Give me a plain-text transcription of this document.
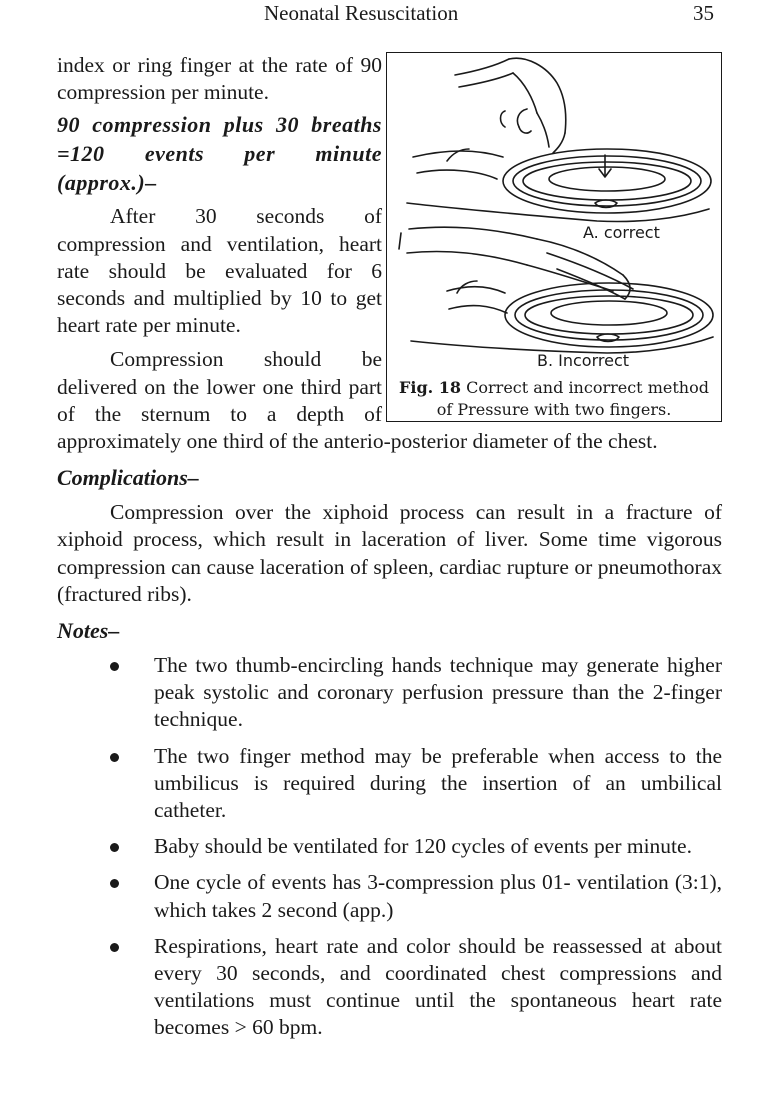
Neonatal Resuscitation	35
A. correct
B. Incorrect
Fig. 18 Correct and incorrect method of Pressure with two fingers.

index or ring finger at the rate of 90 compression per minute.

90 compression plus 30 breaths =120 events per minute (approx.)–

After 30 seconds of compression and ventilation, heart rate should be evaluated for 6 seconds and multiplied by 10 to get heart rate per minute.

Compression should be delivered on the lower one third part of the sternum to a depth of approximately one third of the anterio-posterior diameter of the chest.

Complications–

Compression over the xiphoid process can result in a fracture of xiphoid process, which result in laceration of liver. Some time vigorous compression can cause laceration of spleen, cardiac rupture or pneumothorax (fractured ribs).

Notes–

The two thumb-encircling hands technique may generate higher peak systolic and coronary perfusion pressure than the 2-finger technique.

The two finger method may be preferable when access to the umbilicus is required during the insertion of an umbilical catheter.

Baby should be ventilated for 120 cycles of events per minute.

One cycle of events has 3-compression plus 01- ventilation (3:1), which takes 2 second (app.)

Respirations, heart rate and color should be reassessed at about every 30 seconds, and coordinated chest compressions and ventilations must continue until the spontaneous heart rate becomes > 60 bpm.
